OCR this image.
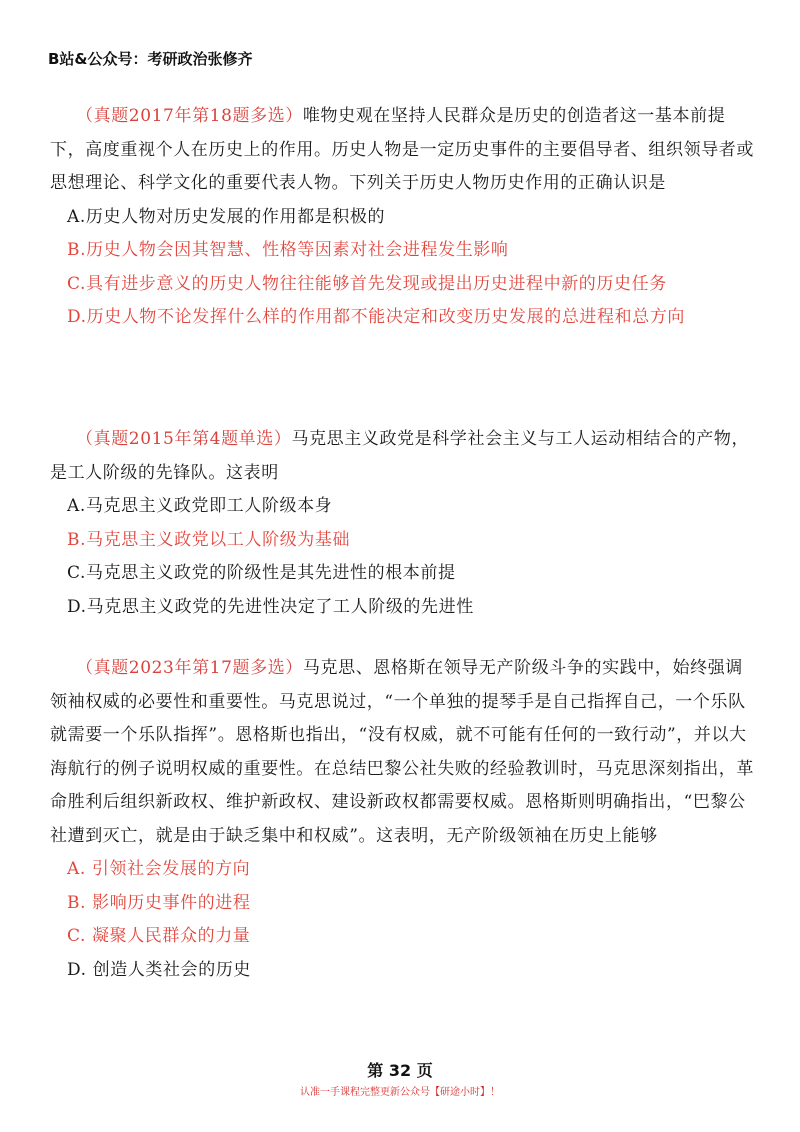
B站&公众号：考研政治张修齐

（真题2017年第18题多选）唯物史观在坚持人民群众是历史的创造者这一基本前提下，高度重视个人在历史上的作用。历史人物是一定历史事件的主要倡导者、组织领导者或思想理论、科学文化的重要代表人物。下列关于历史人物历史作用的正确认识是

A.历史人物对历史发展的作用都是积极的

B.历史人物会因其智慧、性格等因素对社会进程发生影响

C.具有进步意义的历史人物往往能够首先发现或提出历史进程中新的历史任务

D.历史人物不论发挥什么样的作用都不能决定和改变历史发展的总进程和总方向

（真题2015年第4题单选）马克思主义政党是科学社会主义与工人运动相结合的产物，是工人阶级的先锋队。这表明

A.马克思主义政党即工人阶级本身

B.马克思主义政党以工人阶级为基础

C.马克思主义政党的阶级性是其先进性的根本前提

D.马克思主义政党的先进性决定了工人阶级的先进性

（真题2023年第17题多选）马克思、恩格斯在领导无产阶级斗争的实践中，始终强调领袖权威的必要性和重要性。马克思说过，“一个单独的提琴手是自己指挥自己，一个乐队就需要一个乐队指挥”。恩格斯也指出，“没有权威，就不可能有任何的一致行动”，并以大海航行的例子说明权威的重要性。在总结巴黎公社失败的经验教训时，马克思深刻指出，革命胜利后组织新政权、维护新政权、建设新政权都需要权威。恩格斯则明确指出，“巴黎公社遭到灭亡，就是由于缺乏集中和权威”。这表明，无产阶级领袖在历史上能够

A. 引领社会发展的方向

B. 影响历史事件的进程

C. 凝聚人民群众的力量

D. 创造人类社会的历史

第 32 页
认准一手课程完整更新公众号【研途小时】！
